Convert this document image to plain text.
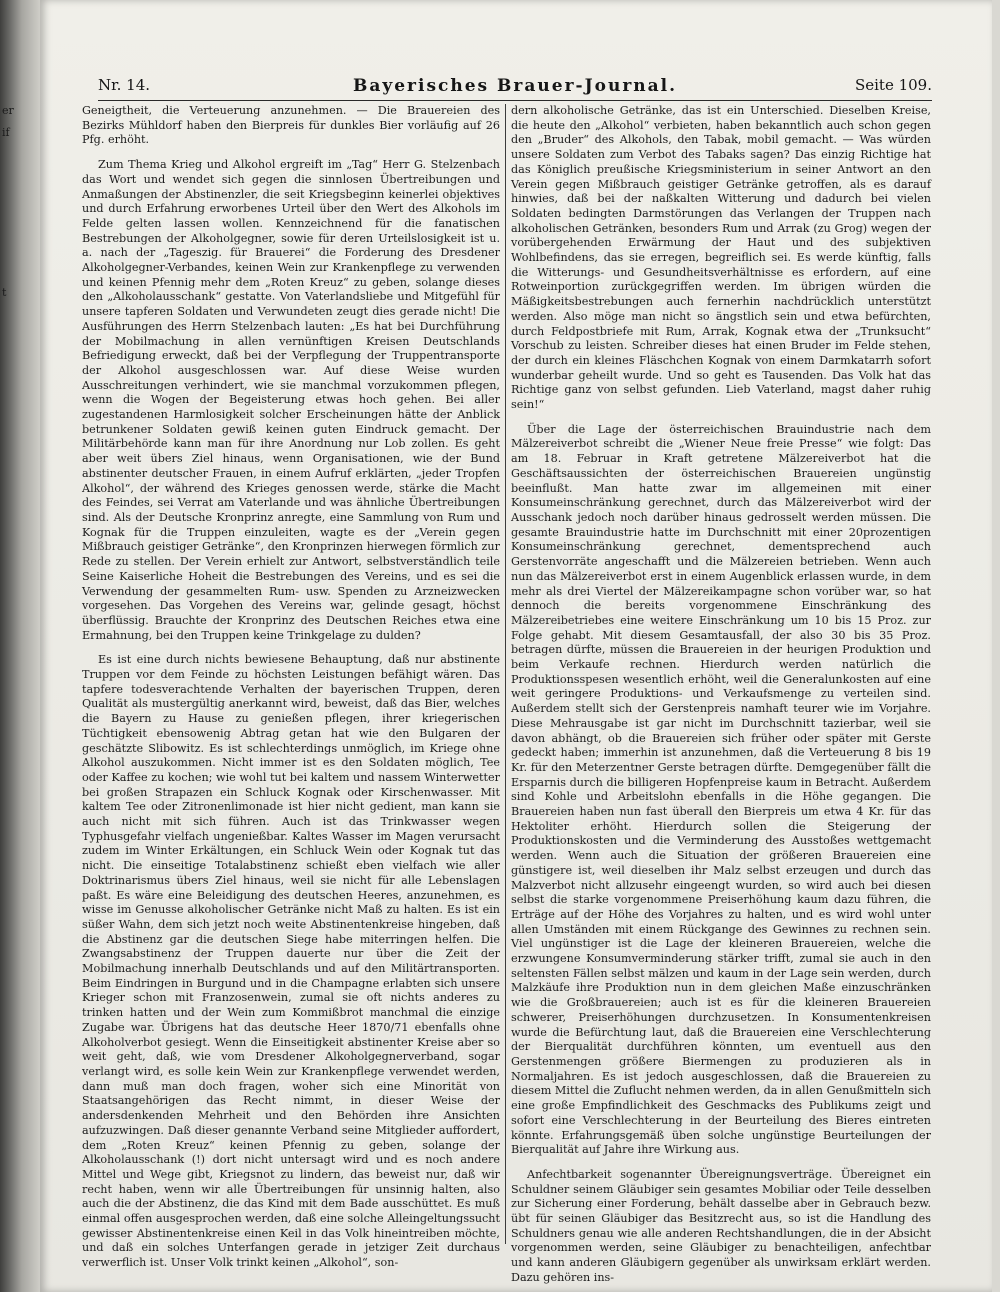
er
if
t
Nr. 14.	Bayerisches Brauer-Journal.	Seite 109.

Geneigtheit, die Verteuerung anzunehmen. — Die Brauereien des Bezirks Mühldorf haben den Bierpreis für dunkles Bier vorläufig auf 26 Pfg. erhöht.

Zum Thema Krieg und Alkohol ergreift im „Tag“ Herr G. Stelzenbach das Wort und wendet sich gegen die sinnlosen Übertreibungen und Anmaßungen der Abstinenzler, die seit Kriegsbeginn keinerlei objektives und durch Erfahrung erworbenes Urteil über den Wert des Alkohols im Felde gelten lassen wollen. Kennzeichnend für die fanatischen Bestrebungen der Alkoholgegner, sowie für deren Urteilslosigkeit ist u. a. nach der „Tageszig. für Brauerei“ die Forderung des Dresdener Alkoholgegner-Verbandes, keinen Wein zur Krankenpflege zu verwenden und keinen Pfennig mehr dem „Roten Kreuz“ zu geben, solange dieses den „Alkoholausschank“ gestatte. Von Vaterlandsliebe und Mitgefühl für unsere tapferen Soldaten und Verwundeten zeugt dies gerade nicht! Die Ausführungen des Herrn Stelzenbach lauten: „Es hat bei Durchführung der Mobilmachung in allen vernünftigen Kreisen Deutschlands Befriedigung erweckt, daß bei der Verpflegung der Truppentransporte der Alkohol ausgeschlossen war. Auf diese Weise wurden Ausschreitungen verhindert, wie sie manchmal vorzukommen pflegen, wenn die Wogen der Begeisterung etwas hoch gehen. Bei aller zugestandenen Harmlosigkeit solcher Erscheinungen hätte der Anblick betrunkener Soldaten gewiß keinen guten Eindruck gemacht. Der Militärbehörde kann man für ihre Anordnung nur Lob zollen. Es geht aber weit übers Ziel hinaus, wenn Organisationen, wie der Bund abstinenter deutscher Frauen, in einem Aufruf erklärten, „jeder Tropfen Alkohol“, der während des Krieges genossen werde, stärke die Macht des Feindes, sei Verrat am Vaterlande und was ähnliche Übertreibungen sind. Als der Deutsche Kronprinz anregte, eine Sammlung von Rum und Kognak für die Truppen einzuleiten, wagte es der „Verein gegen Mißbrauch geistiger Getränke“, den Kronprinzen hierwegen förmlich zur Rede zu stellen. Der Verein erhielt zur Antwort, selbstverständlich teile Seine Kaiserliche Hoheit die Bestrebungen des Vereins, und es sei die Verwendung der gesammelten Rum- usw. Spenden zu Arzneizwecken vorgesehen. Das Vorgehen des Vereins war, gelinde gesagt, höchst überflüssig. Brauchte der Kronprinz des Deutschen Reiches etwa eine Ermahnung, bei den Truppen keine Trinkgelage zu dulden?

Es ist eine durch nichts bewiesene Behauptung, daß nur abstinente Truppen vor dem Feinde zu höchsten Leistungen befähigt wären. Das tapfere todesverachtende Verhalten der bayerischen Truppen, deren Qualität als mustergültig anerkannt wird, beweist, daß das Bier, welches die Bayern zu Hause zu genießen pflegen, ihrer kriegerischen Tüchtigkeit ebensowenig Abtrag getan hat wie den Bulgaren der geschätzte Slibowitz. Es ist schlechterdings unmöglich, im Kriege ohne Alkohol auszukommen. Nicht immer ist es den Soldaten möglich, Tee oder Kaffee zu kochen; wie wohl tut bei kaltem und nassem Winterwetter bei großen Strapazen ein Schluck Kognak oder Kirschenwasser. Mit kaltem Tee oder Zitronenlimonade ist hier nicht gedient, man kann sie auch nicht mit sich führen. Auch ist das Trinkwasser wegen Typhusgefahr vielfach ungenießbar. Kaltes Wasser im Magen verursacht zudem im Winter Erkältungen, ein Schluck Wein oder Kognak tut das nicht. Die einseitige Totalabstinenz schießt eben vielfach wie aller Doktrinarismus übers Ziel hinaus, weil sie nicht für alle Lebenslagen paßt. Es wäre eine Beleidigung des deutschen Heeres, anzunehmen, es wisse im Genusse alkoholischer Getränke nicht Maß zu halten. Es ist ein süßer Wahn, dem sich jetzt noch weite Abstinentenkreise hingeben, daß die Abstinenz gar die deutschen Siege habe miterringen helfen. Die Zwangsabstinenz der Truppen dauerte nur über die Zeit der Mobilmachung innerhalb Deutschlands und auf den Militärtransporten. Beim Eindringen in Burgund und in die Champagne erlabten sich unsere Krieger schon mit Franzosenwein, zumal sie oft nichts anderes zu trinken hatten und der Wein zum Kommißbrot manchmal die einzige Zugabe war. Übrigens hat das deutsche Heer 1870/71 ebenfalls ohne Alkoholverbot gesiegt. Wenn die Einseitigkeit abstinenter Kreise aber so weit geht, daß, wie vom Dresdener Alkoholgegnerverband, sogar verlangt wird, es solle kein Wein zur Krankenpflege verwendet werden, dann muß man doch fragen, woher sich eine Minorität von Staatsangehörigen das Recht nimmt, in dieser Weise der andersdenkenden Mehrheit und den Behörden ihre Ansichten aufzuzwingen. Daß dieser genannte Verband seine Mitglieder auffordert, dem „Roten Kreuz“ keinen Pfennig zu geben, solange der Alkoholausschank (!) dort nicht untersagt wird und es noch andere Mittel und Wege gibt, Kriegsnot zu lindern, das beweist nur, daß wir recht haben, wenn wir alle Übertreibungen für unsinnig halten, also auch die der Abstinenz, die das Kind mit dem Bade ausschüttet. Es muß einmal offen ausgesprochen werden, daß eine solche Alleingeltungssucht gewisser Abstinentenkreise einen Keil in das Volk hineintreiben möchte, und daß ein solches Unterfangen gerade in jetziger Zeit durchaus verwerflich ist. Unser Volk trinkt keinen „Alkohol“, son-

dern alkoholische Getränke, das ist ein Unterschied. Dieselben Kreise, die heute den „Alkohol“ verbieten, haben bekanntlich auch schon gegen den „Bruder“ des Alkohols, den Tabak, mobil gemacht. — Was würden unsere Soldaten zum Verbot des Tabaks sagen? Das einzig Richtige hat das Königlich preußische Kriegsministerium in seiner Antwort an den Verein gegen Mißbrauch geistiger Getränke getroffen, als es darauf hinwies, daß bei der naßkalten Witterung und dadurch bei vielen Soldaten bedingten Darmstörungen das Verlangen der Truppen nach alkoholischen Getränken, besonders Rum und Arrak (zu Grog) wegen der vorübergehenden Erwärmung der Haut und des subjektiven Wohlbefindens, das sie erregen, begreiflich sei. Es werde künftig, falls die Witterungs- und Gesundheitsverhältnisse es erfordern, auf eine Rotweinportion zurückgegriffen werden. Im übrigen würden die Mäßigkeitsbestrebungen auch fernerhin nachdrücklich unterstützt werden. Also möge man nicht so ängstlich sein und etwa befürchten, durch Feldpostbriefe mit Rum, Arrak, Kognak etwa der „Trunksucht“ Vorschub zu leisten. Schreiber dieses hat einen Bruder im Felde stehen, der durch ein kleines Fläschchen Kognak von einem Darmkatarrh sofort wunderbar geheilt wurde. Und so geht es Tausenden. Das Volk hat das Richtige ganz von selbst gefunden. Lieb Vaterland, magst daher ruhig sein!“

Über die Lage der österreichischen Brauindustrie nach dem Mälzereiverbot schreibt die „Wiener Neue freie Presse“ wie folgt: Das am 18. Februar in Kraft getretene Mälzereiverbot hat die Geschäftsaussichten der österreichischen Brauereien ungünstig beeinflußt. Man hatte zwar im allgemeinen mit einer Konsumeinschränkung gerechnet, durch das Mälzereiverbot wird der Ausschank jedoch noch darüber hinaus gedrosselt werden müssen. Die gesamte Brauindustrie hatte im Durchschnitt mit einer 20prozentigen Konsumeinschränkung gerechnet, dementsprechend auch Gerstenvorräte angeschafft und die Mälzereien betrieben. Wenn auch nun das Mälzereiverbot erst in einem Augenblick erlassen wurde, in dem mehr als drei Viertel der Mälzereikampagne schon vorüber war, so hat dennoch die bereits vorgenommene Einschränkung des Mälzereibetriebes eine weitere Einschränkung um 10 bis 15 Proz. zur Folge gehabt. Mit diesem Gesamtausfall, der also 30 bis 35 Proz. betragen dürfte, müssen die Brauereien in der heurigen Produktion und beim Verkaufe rechnen. Hierdurch werden natürlich die Produktionsspesen wesentlich erhöht, weil die Generalunkosten auf eine weit geringere Produktions- und Verkaufsmenge zu verteilen sind. Außerdem stellt sich der Gerstenpreis namhaft teurer wie im Vorjahre. Diese Mehrausgabe ist gar nicht im Durchschnitt tazierbar, weil sie davon abhängt, ob die Brauereien sich früher oder später mit Gerste gedeckt haben; immerhin ist anzunehmen, daß die Verteuerung 8 bis 19 Kr. für den Meterzentner Gerste betragen dürfte. Demgegenüber fällt die Ersparnis durch die billigeren Hopfenpreise kaum in Betracht. Außerdem sind Kohle und Arbeitslohn ebenfalls in die Höhe gegangen. Die Brauereien haben nun fast überall den Bierpreis um etwa 4 Kr. für das Hektoliter erhöht. Hierdurch sollen die Steigerung der Produktionskosten und die Verminderung des Ausstoßes wettgemacht werden. Wenn auch die Situation der größeren Brauereien eine günstigere ist, weil dieselben ihr Malz selbst erzeugen und durch das Malzverbot nicht allzusehr eingeengt wurden, so wird auch bei diesen selbst die starke vorgenommene Preiserhöhung kaum dazu führen, die Erträge auf der Höhe des Vorjahres zu halten, und es wird wohl unter allen Umständen mit einem Rückgange des Gewinnes zu rechnen sein. Viel ungünstiger ist die Lage der kleineren Brauereien, welche die erzwungene Konsumverminderung stärker trifft, zumal sie auch in den seltensten Fällen selbst mälzen und kaum in der Lage sein werden, durch Malzkäufe ihre Produktion nun in dem gleichen Maße einzuschränken wie die Großbrauereien; auch ist es für die kleineren Brauereien schwerer, Preiserhöhungen durchzusetzen. In Konsumentenkreisen wurde die Befürchtung laut, daß die Brauereien eine Verschlechterung der Bierqualität durchführen könnten, um eventuell aus den Gerstenmengen größere Biermengen zu produzieren als in Normaljahren. Es ist jedoch ausgeschlossen, daß die Brauereien zu diesem Mittel die Zuflucht nehmen werden, da in allen Genußmitteln sich eine große Empfindlichkeit des Geschmacks des Publikums zeigt und sofort eine Verschlechterung in der Beurteilung des Bieres eintreten könnte. Erfahrungsgemäß üben solche ungünstige Beurteilungen der Bierqualität auf Jahre ihre Wirkung aus.

Anfechtbarkeit sogenannter Übereignungsverträge. Übereignet ein Schuldner seinem Gläubiger sein gesamtes Mobiliar oder Teile desselben zur Sicherung einer Forderung, behält dasselbe aber in Gebrauch bezw. übt für seinen Gläubiger das Besitzrecht aus, so ist die Handlung des Schuldners genau wie alle anderen Rechtshandlungen, die in der Absicht vorgenommen werden, seine Gläubiger zu benachteiligen, anfechtbar und kann anderen Gläubigern gegenüber als unwirksam erklärt werden. Dazu gehören ins-
